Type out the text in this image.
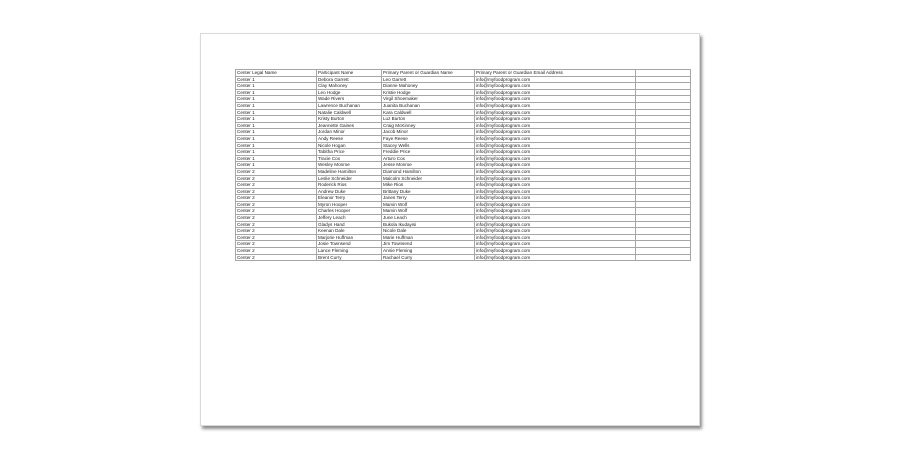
Center Legal Name	Participant Name	Primary Parent or Guardian Name	Primary Parent or Guardian Email Address	
Center 1	Debora Garrett	Leo Garrett	info@myfoodprogram.com	
Center 1	Clay Mahoney	Dianne Mahoney	info@myfoodprogram.com	
Center 1	Leo Hodge	Kristie Hodge	info@myfoodprogram.com	
Center 1	Wade Rivers	Virgil Shoemaker	info@myfoodprogram.com	
Center 1	Lawrence Buchanan	Juanita Buchanan	info@myfoodprogram.com	
Center 1	Natalie Caldwell	Kara Caldwell	info@myfoodprogram.com	
Center 1	Kristy Burton	Luz Burton	info@myfoodprogram.com	
Center 1	Jeannette Gaines	Craig McKinney	info@myfoodprogram.com	
Center 1	Jordan Minor	Jacob Minor	info@myfoodprogram.com	
Center 1	Andy Reese	Faye Reese	info@myfoodprogram.com	
Center 1	Nicole Hogan	Stacey Wells	info@myfoodprogram.com	
Center 1	Tabitha Price	Freddie Price	info@myfoodprogram.com	
Center 1	Tracie Cox	Arturo Cox	info@myfoodprogram.com	
Center 1	Wesley Monroe	Jesse Monroe	info@myfoodprogram.com	
Center 2	Madeline Hamilton	Diamond Hamilton	info@myfoodprogram.com	
Center 2	Leslie Schneider	Malcolm Schneider	info@myfoodprogram.com	
Center 2	Roderick Rios	Mike Rios	info@myfoodprogram.com	
Center 2	Andrew Duke	Brittany Duke	info@myfoodprogram.com	
Center 2	Eleanor Terry	Janes Terry	info@myfoodprogram.com	
Center 2	Myron Hooper	Marvin Wolf	info@myfoodprogram.com	
Center 2	Charles Hooper	Marvin Wolf	info@myfoodprogram.com	
Center 2	Jeffery Leach	June Leach	info@myfoodprogram.com	
Center 2	Gladys Hand	Bukola Ikudayisi	info@myfoodprogram.com	
Center 2	Keenan Dale	Nicole Dale	info@myfoodprogram.com	
Center 2	Marjorie Huffman	Marie Huffman	info@myfoodprogram.com	
Center 2	Josie Townsend	Jim Townsend	info@myfoodprogram.com	
Center 2	Lance Fleming	Annie Fleming	info@myfoodprogram.com	
Center 2	Brent Curry	Rachael Curry	info@myfoodprogram.com	
